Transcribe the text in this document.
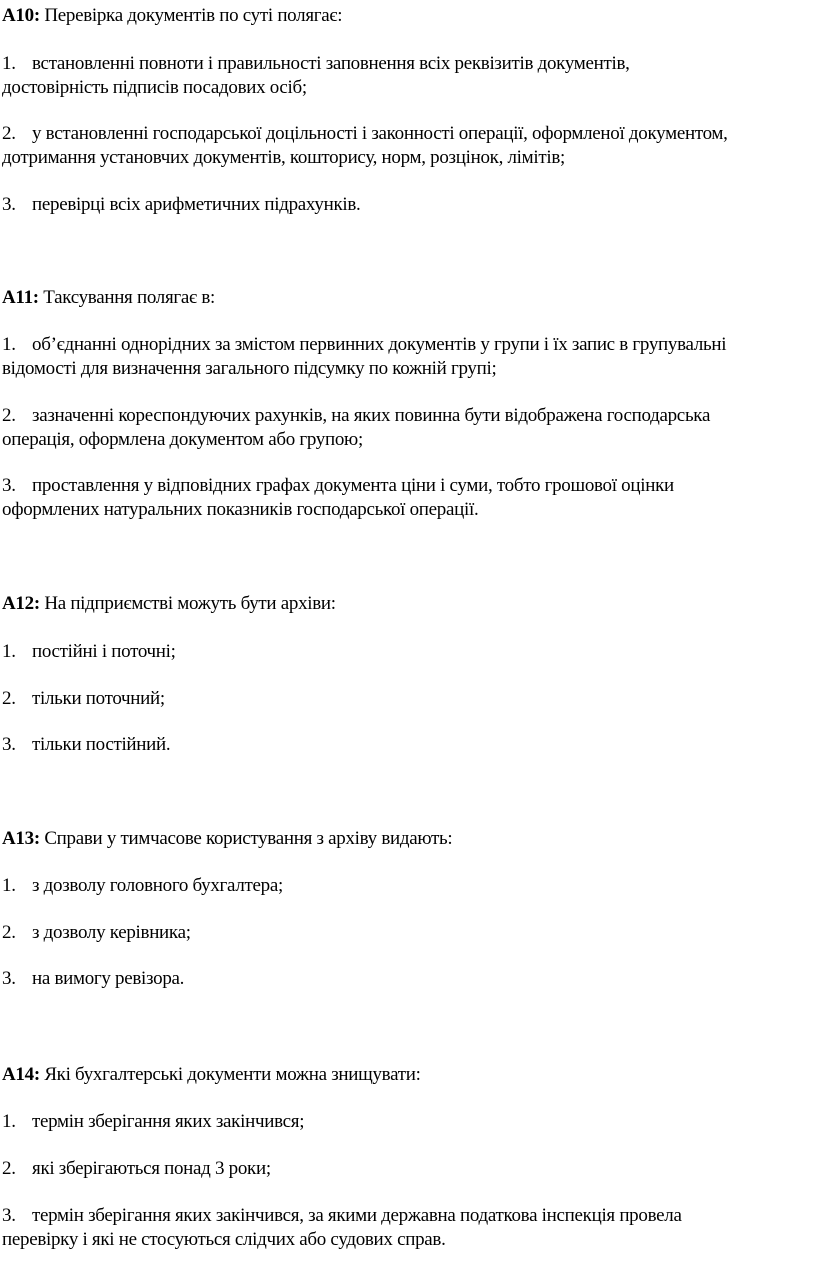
A10: Перевірка документів по суті полягає:
1. встановленні повноти і правильності заповнення всіх реквізитів документів,
достовірність підписів посадових осіб;
2. у встановленні господарської доцільності і законності операції, оформленої документом,
дотримання установчих документів, кошторису, норм, розцінок, лімітів;
3. перевірці всіх арифметичних підрахунків.
A11: Таксування полягає в:
1. об’єднанні однорідних за змістом первинних документів у групи і їх запис в групувальні
відомості для визначення загального підсумку по кожній групі;
2. зазначенні кореспондуючих рахунків, на яких повинна бути відображена господарська
операція, оформлена документом або групою;
3. проставлення у відповідних графах документа ціни і суми, тобто грошової оцінки
оформлених натуральних показників господарської операції.
A12: На підприємстві можуть бути архіви:
1. постійні і поточні;
2. тільки поточний;
3. тільки постійний.
A13: Справи у тимчасове користування з архіву видають:
1. з дозволу головного бухгалтера;
2. з дозволу керівника;
3. на вимогу ревізора.
A14: Які бухгалтерські документи можна знищувати:
1. термін зберігання яких закінчився;
2. які зберігаються понад 3 роки;
3. термін зберігання яких закінчився, за якими державна податкова інспекція провела
перевірку і які не стосуються слідчих або судових справ.
